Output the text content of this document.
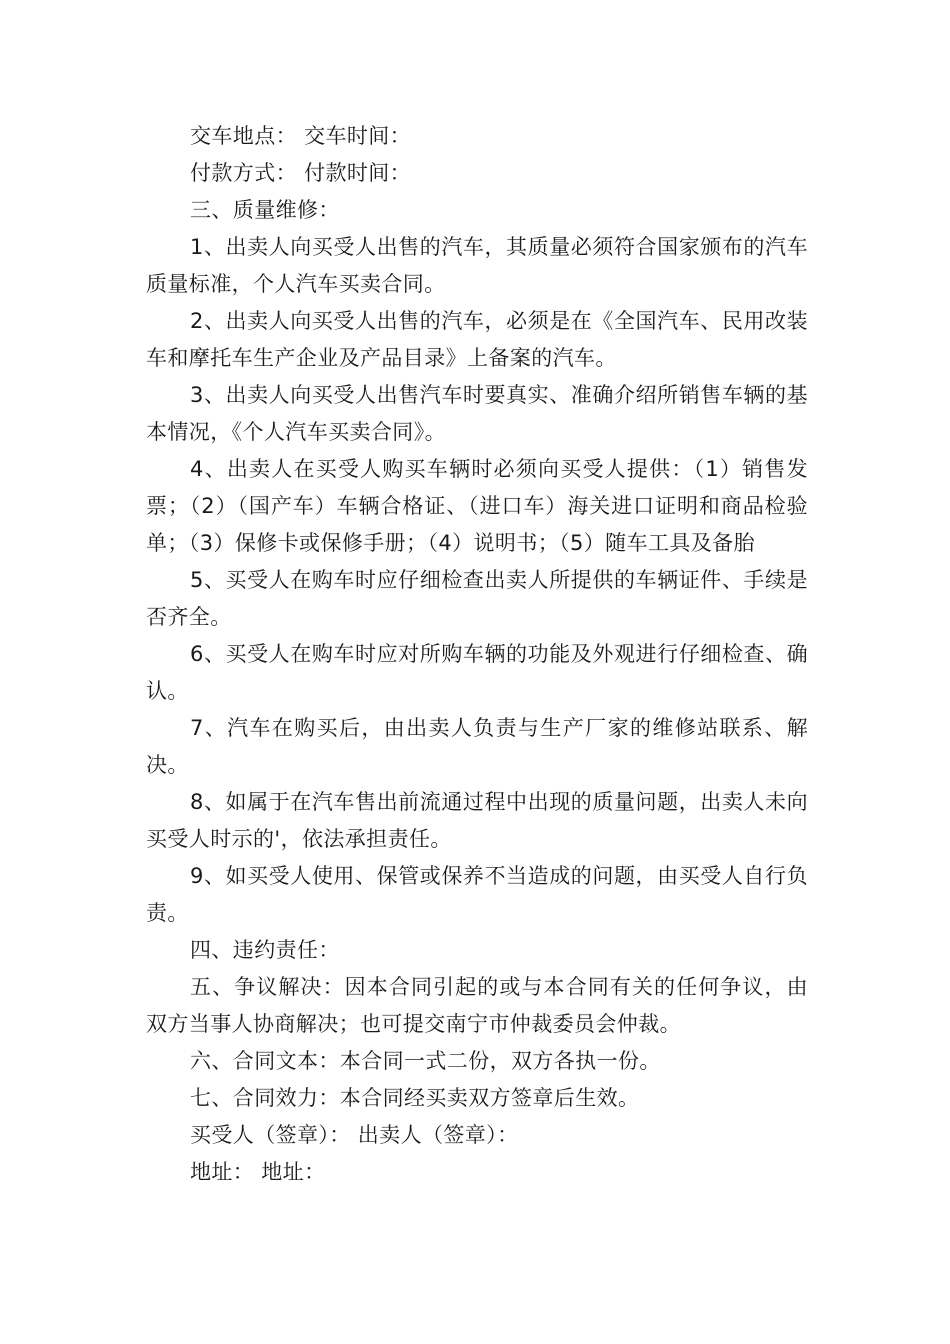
交车地点： 交车时间：

付款方式： 付款时间：

三、质量维修：

1、出卖人向买受人出售的汽车，其质量必须符合国家颁布的汽车质量标准，个人汽车买卖合同。

2、出卖人向买受人出售的汽车，必须是在《全国汽车、民用改装车和摩托车生产企业及产品目录》上备案的汽车。

3、出卖人向买受人出售汽车时要真实、准确介绍所销售车辆的基本情况，《个人汽车买卖合同》。

4、出卖人在买受人购买车辆时必须向买受人提供：（1）销售发票；（2）（国产车）车辆合格证、（进口车）海关进口证明和商品检验单；（3）保修卡或保修手册；（4）说明书；（5）随车工具及备胎

5、买受人在购车时应仔细检查出卖人所提供的车辆证件、手续是否齐全。

6、买受人在购车时应对所购车辆的功能及外观进行仔细检查、确认。

7、汽车在购买后，由出卖人负责与生产厂家的维修站联系、解决。

8、如属于在汽车售出前流通过程中出现的质量问题，出卖人未向买受人时示的'，依法承担责任。

9、如买受人使用、保管或保养不当造成的问题，由买受人自行负责。

四、违约责任：

五、争议解决：因本合同引起的或与本合同有关的任何争议，由双方当事人协商解决；也可提交南宁市仲裁委员会仲裁。

六、合同文本：本合同一式二份，双方各执一份。

七、合同效力：本合同经买卖双方签章后生效。

买受人（签章）： 出卖人（签章）：

地址： 地址：
